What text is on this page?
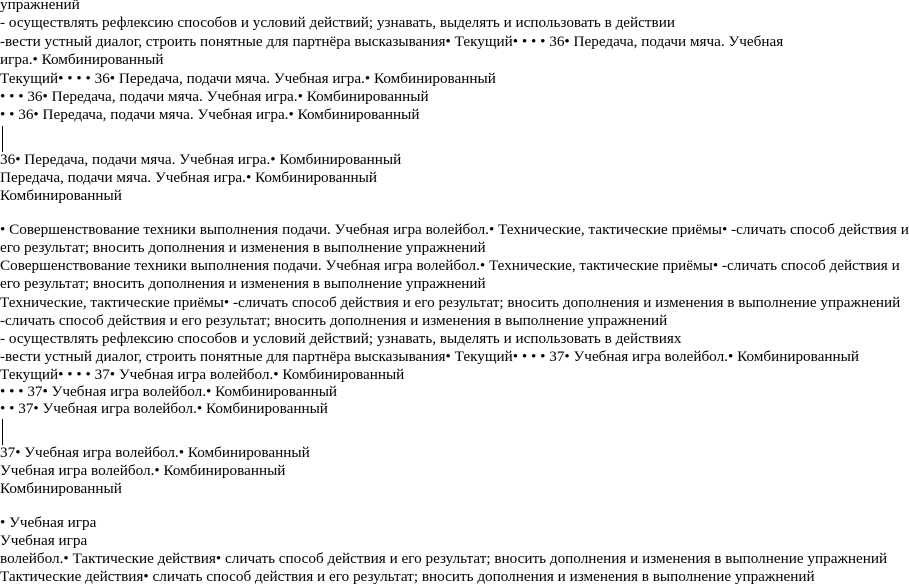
упражнений
- осуществлять рефлексию способов и условий действий; узнавать, выделять и использовать в действии
-вести устный диалог, строить понятные для партнёра высказывания• Текущий• • • • 36• Передача, подачи мяча. Учебная
игра.• Комбинированный
Текущий• • • • 36• Передача, подачи мяча. Учебная игра.• Комбинированный
• • • 36• Передача, подачи мяча. Учебная игра.• Комбинированный
• • 36• Передача, подачи мяча. Учебная игра.• Комбинированный
36• Передача, подачи мяча. Учебная игра.• Комбинированный
Передача, подачи мяча. Учебная игра.• Комбинированный
Комбинированный
• Совершенствование техники выполнения подачи. Учебная игра волейбол.• Технические, тактические приёмы• -сличать способ действия и
его результат; вносить дополнения и изменения в выполнение упражнений
Совершенствование техники выполнения подачи. Учебная игра волейбол.• Технические, тактические приёмы• -сличать способ действия и
его результат; вносить дополнения и изменения в выполнение упражнений
Технические, тактические приёмы• -сличать способ действия и его результат; вносить дополнения и изменения в выполнение упражнений
-сличать способ действия и его результат; вносить дополнения и изменения в выполнение упражнений
- осуществлять рефлексию способов и условий действий; узнавать, выделять и использовать в действиях
-вести устный диалог, строить понятные для партнёра высказывания• Текущий• • • • 37• Учебная игра волейбол.• Комбинированный
Текущий• • • • 37• Учебная игра волейбол.• Комбинированный
• • • 37• Учебная игра волейбол.• Комбинированный
• • 37• Учебная игра волейбол.• Комбинированный
37• Учебная игра волейбол.• Комбинированный
Учебная игра волейбол.• Комбинированный
Комбинированный
• Учебная игра
Учебная игра
волейбол.• Тактические действия• сличать способ действия и его результат; вносить дополнения и изменения в выполнение упражнений
Тактические действия• сличать способ действия и его результат; вносить дополнения и изменения в выполнение упражнений
